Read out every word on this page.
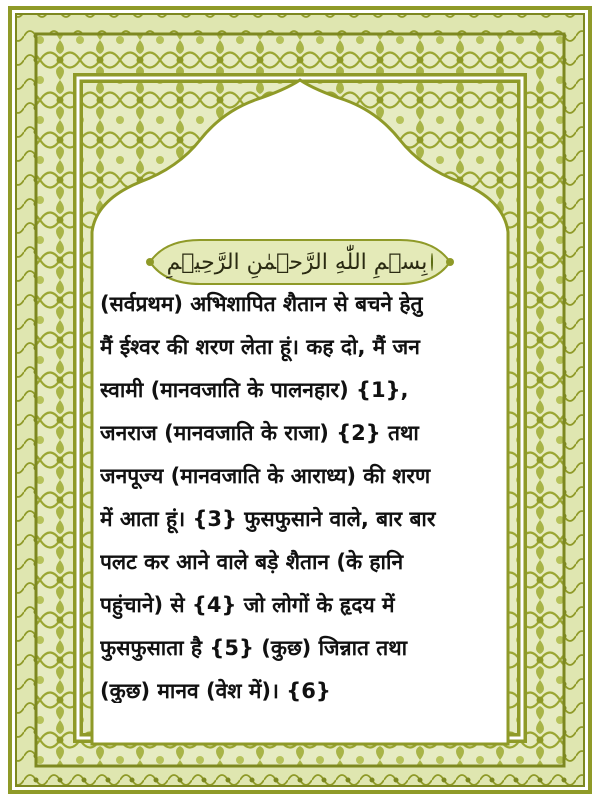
بِسۡمِ اللّٰهِ الرَّحۡمٰنِ الرَّحِيۡمِ

(सर्वप्रथम) अभिशापित शैतान से बचने हेतु

मैं ईश्वर की शरण लेता हूं। कह दो, मैं जन

स्वामी (मानवजाति के पालनहार) {1},

जनराज (मानवजाति के राजा) {2} तथा

जनपूज्य (मानवजाति के आराध्य) की शरण

में आता हूं। {3} फुसफुसाने वाले, बार बार

पलट कर आने वाले बड़े शैतान (के हानि

पहुंचाने) से {4} जो लोगों के हृदय में

फुसफुसाता है {5} (कुछ) जिन्नात तथा

(कुछ) मानव (वेश में)। {6}
